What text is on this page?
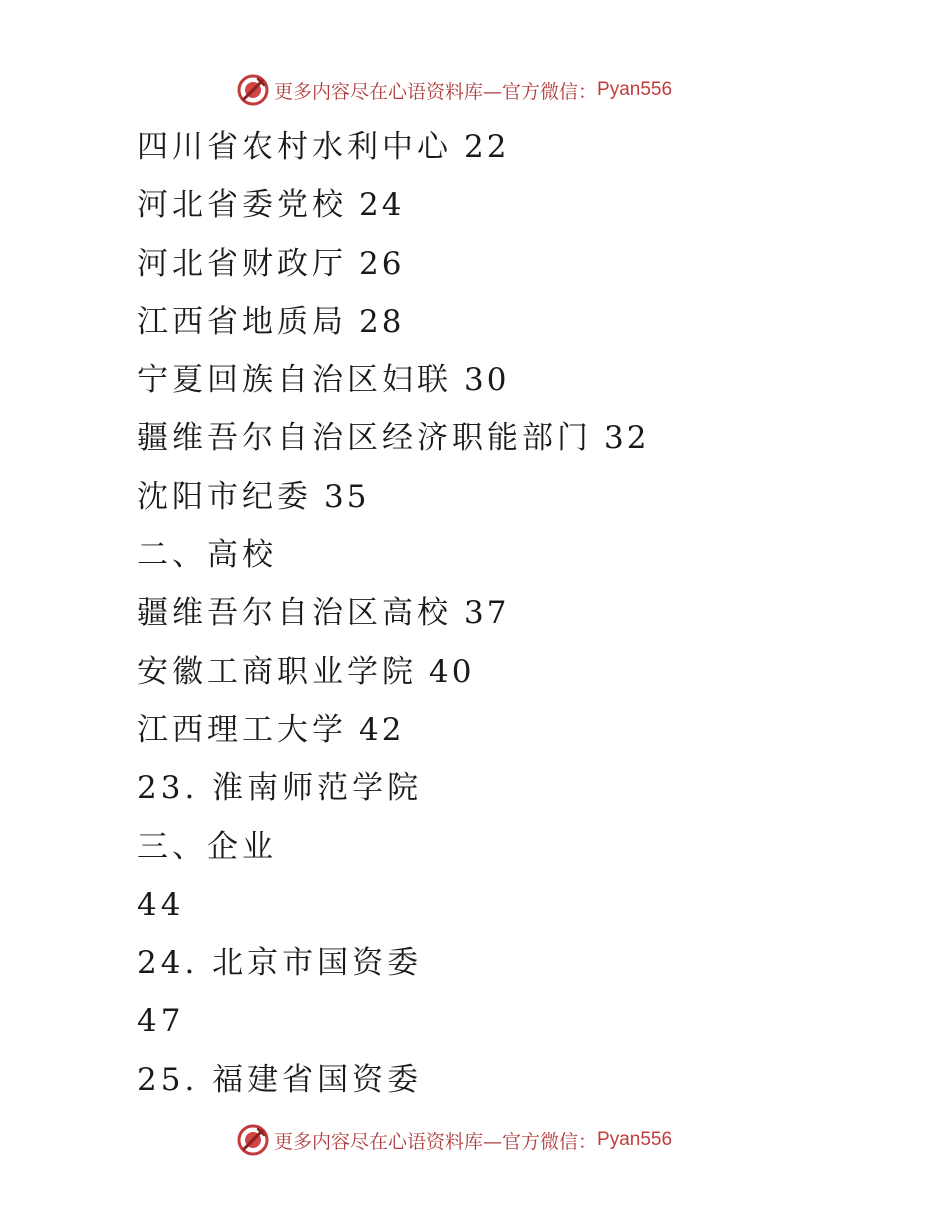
更多内容尽在心语资料库—官方微信： Pyan556
四川省农村水利中心 22
河北省委党校 24
河北省财政厅 26
江西省地质局 28
宁夏回族自治区妇联 30
疆维吾尔自治区经济职能部门 32
沈阳市纪委 35
二、高校
疆维吾尔自治区高校 37
安徽工商职业学院 40
江西理工大学 42
23. 淮南师范学院
三、企业
44
24. 北京市国资委
47
25. 福建省国资委
更多内容尽在心语资料库—官方微信： Pyan556
